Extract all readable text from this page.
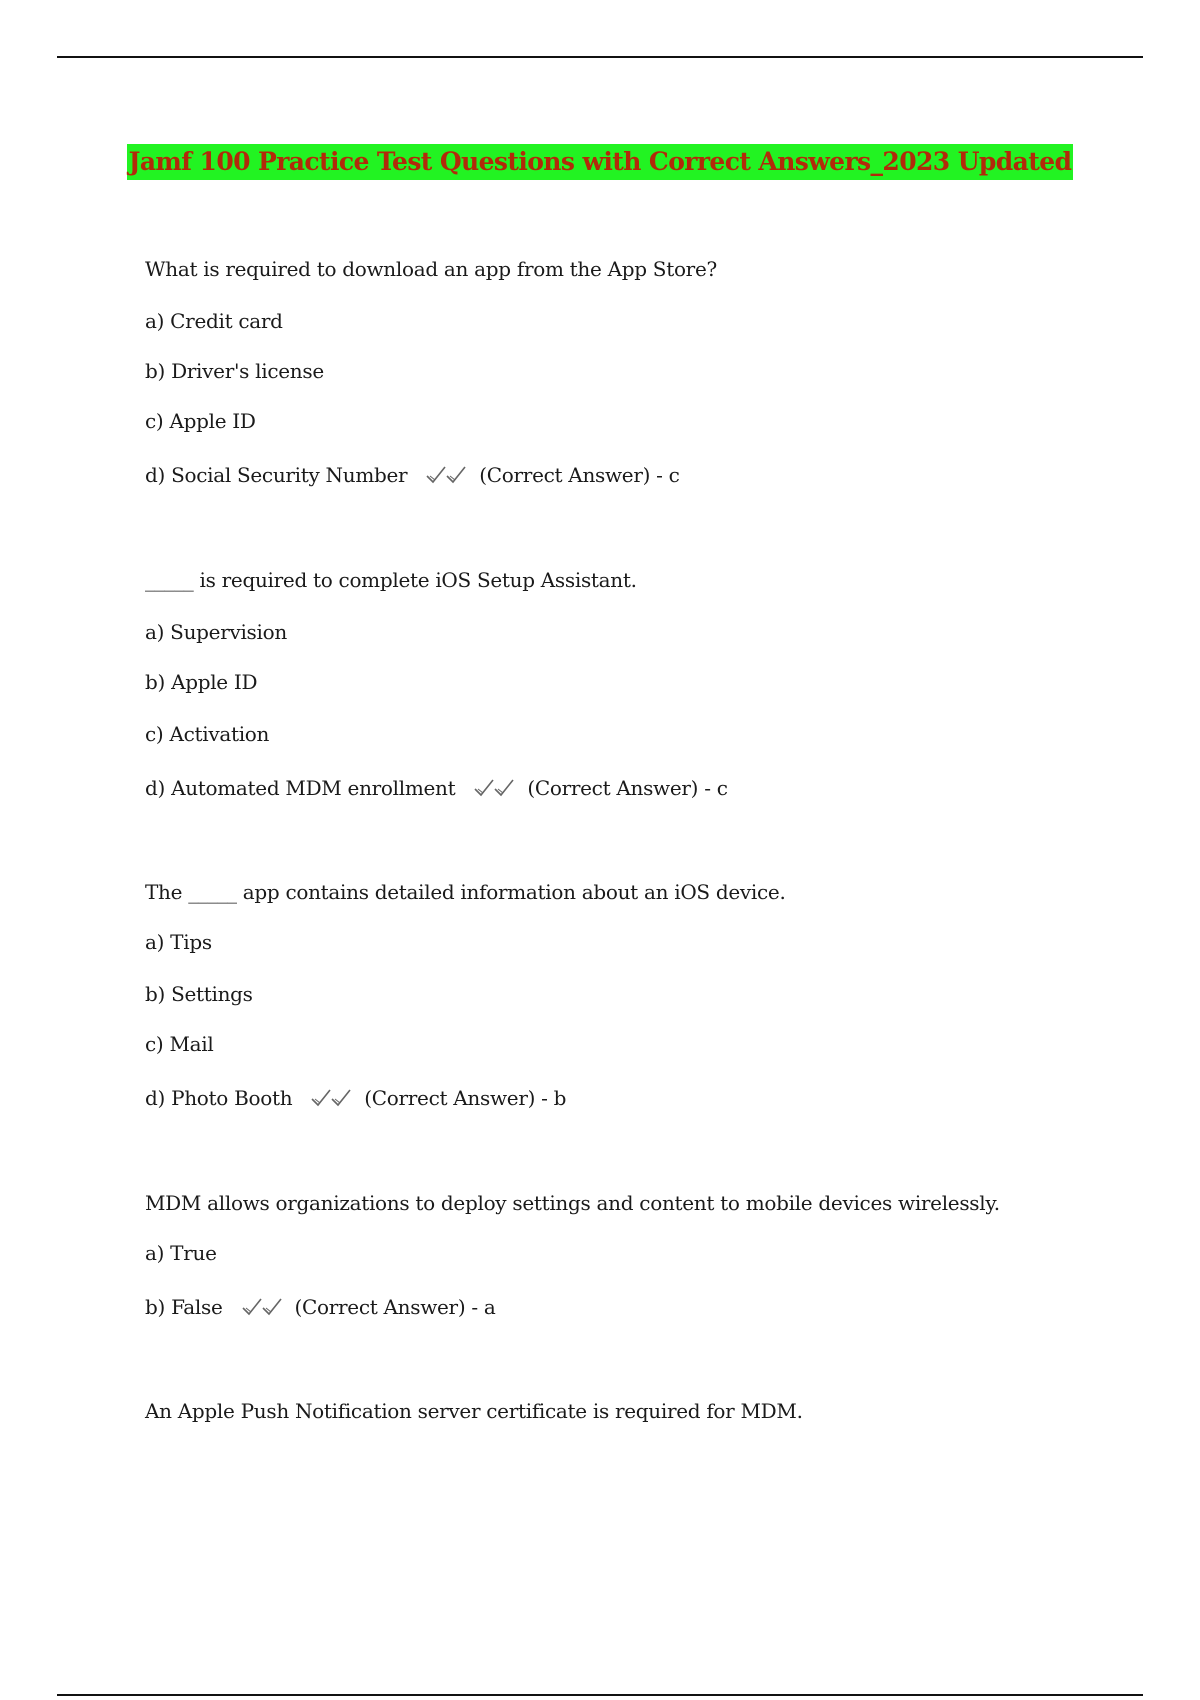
Jamf 100 Practice Test Questions with Correct Answers_2023 Updated
What is required to download an app from the App Store?
a) Credit card
b) Driver's license
c) Apple ID
d) Social Security Number	(Correct Answer) - c
_____ is required to complete iOS Setup Assistant.
a) Supervision
b) Apple ID
c) Activation
d) Automated MDM enrollment	(Correct Answer) - c
The _____ app contains detailed information about an iOS device.
a) Tips
b) Settings
c) Mail
d) Photo Booth	(Correct Answer) - b
MDM allows organizations to deploy settings and content to mobile devices wirelessly.
a) True
b) False	(Correct Answer) - a
An Apple Push Notification server certificate is required for MDM.
